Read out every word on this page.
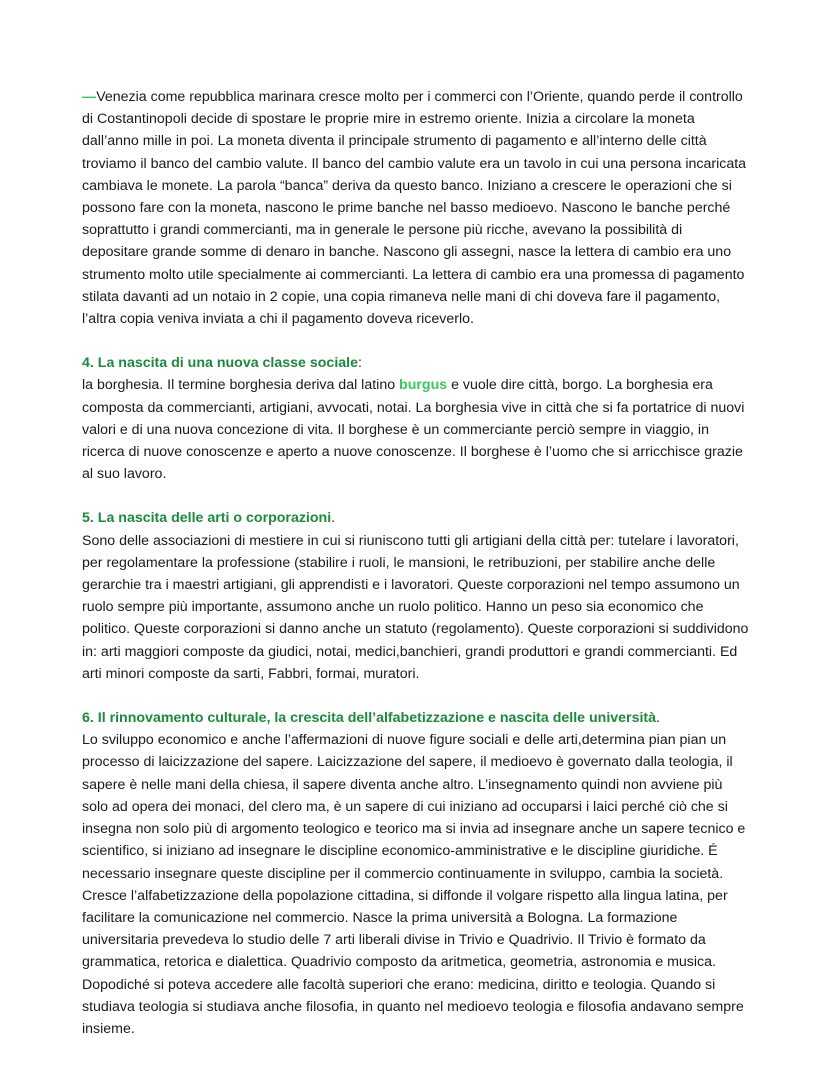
—Venezia come repubblica marinara cresce molto per i commerci con l’Oriente, quando perde il controllo di Costantinopoli decide di spostare le proprie mire in estremo oriente. Inizia a circolare la moneta dall’anno mille in poi. La moneta diventa il principale strumento di pagamento e all’interno delle città troviamo il banco del cambio valute. Il banco del cambio valute era un tavolo in cui una persona incaricata cambiava le monete. La parola “banca” deriva da questo banco. Iniziano a crescere le operazioni che si possono fare con la moneta, nascono le prime banche nel basso medioevo. Nascono le banche perché soprattutto i grandi commercianti, ma in generale le persone più ricche, avevano la possibilità di depositare grande somme di denaro in banche. Nascono gli assegni, nasce la lettera di cambio era uno strumento molto utile specialmente ai commercianti. La lettera di cambio era una promessa di pagamento stilata davanti ad un notaio in 2 copie, una copia rimaneva nelle mani di chi doveva fare il pagamento, l’altra copia veniva inviata a chi il pagamento doveva riceverlo.

4. La nascita di una nuova classe sociale:
la borghesia. Il termine borghesia deriva dal latino burgus e vuole dire città, borgo. La borghesia era composta da commercianti, artigiani, avvocati, notai. La borghesia vive in città che si fa portatrice di nuovi valori e di una nuova concezione di vita. Il borghese è un commerciante perciò sempre in viaggio, in ricerca di nuove conoscenze e aperto a nuove conoscenze. Il borghese è l’uomo che si arricchisce grazie al suo lavoro.

5. La nascita delle arti o corporazioni.
Sono delle associazioni di mestiere in cui si riuniscono tutti gli artigiani della città per: tutelare i lavoratori, per regolamentare la professione (stabilire i ruoli, le mansioni, le retribuzioni, per stabilire anche delle gerarchie tra i maestri artigiani, gli apprendisti e i lavoratori. Queste corporazioni nel tempo assumono un ruolo sempre più importante, assumono anche un ruolo politico. Hanno un peso sia economico che politico. Queste corporazioni si danno anche un statuto (regolamento). Queste corporazioni si suddividono in: arti maggiori composte da giudici, notai, medici,banchieri, grandi produttori e grandi commercianti. Ed arti minori composte da sarti, Fabbri, formai, muratori.

6. Il rinnovamento culturale, la crescita dell’alfabetizzazione e nascita delle università.
Lo sviluppo economico e anche l’affermazioni di nuove figure sociali e delle arti,determina pian pian un processo di laicizzazione del sapere. Laicizzazione del sapere, il medioevo è governato dalla teologia, il sapere è nelle mani della chiesa, il sapere diventa anche altro. L’insegnamento quindi non avviene più solo ad opera dei monaci, del clero ma, è un sapere di cui iniziano ad occuparsi i laici perché ciò che si insegna non solo più di argomento teologico e teorico ma si invia ad insegnare anche un sapere tecnico e scientifico, si iniziano ad insegnare le discipline economico-amministrative e le discipline giuridiche. É necessario insegnare queste discipline per il commercio continuamente in sviluppo, cambia la società. Cresce l’alfabetizzazione della popolazione cittadina, si diffonde il volgare rispetto alla lingua latina, per facilitare la comunicazione nel commercio. Nasce la prima università a Bologna. La formazione universitaria prevedeva lo studio delle 7 arti liberali divise in Trivio e Quadrivio. Il Trivio è formato da grammatica, retorica e dialettica. Quadrivio composto da aritmetica, geometria, astronomia e musica. Dopodiché si poteva accedere alle facoltà superiori che erano: medicina, diritto e teologia. Quando si studiava teologia si studiava anche filosofia, in quanto nel medioevo teologia e filosofia andavano sempre insieme.
